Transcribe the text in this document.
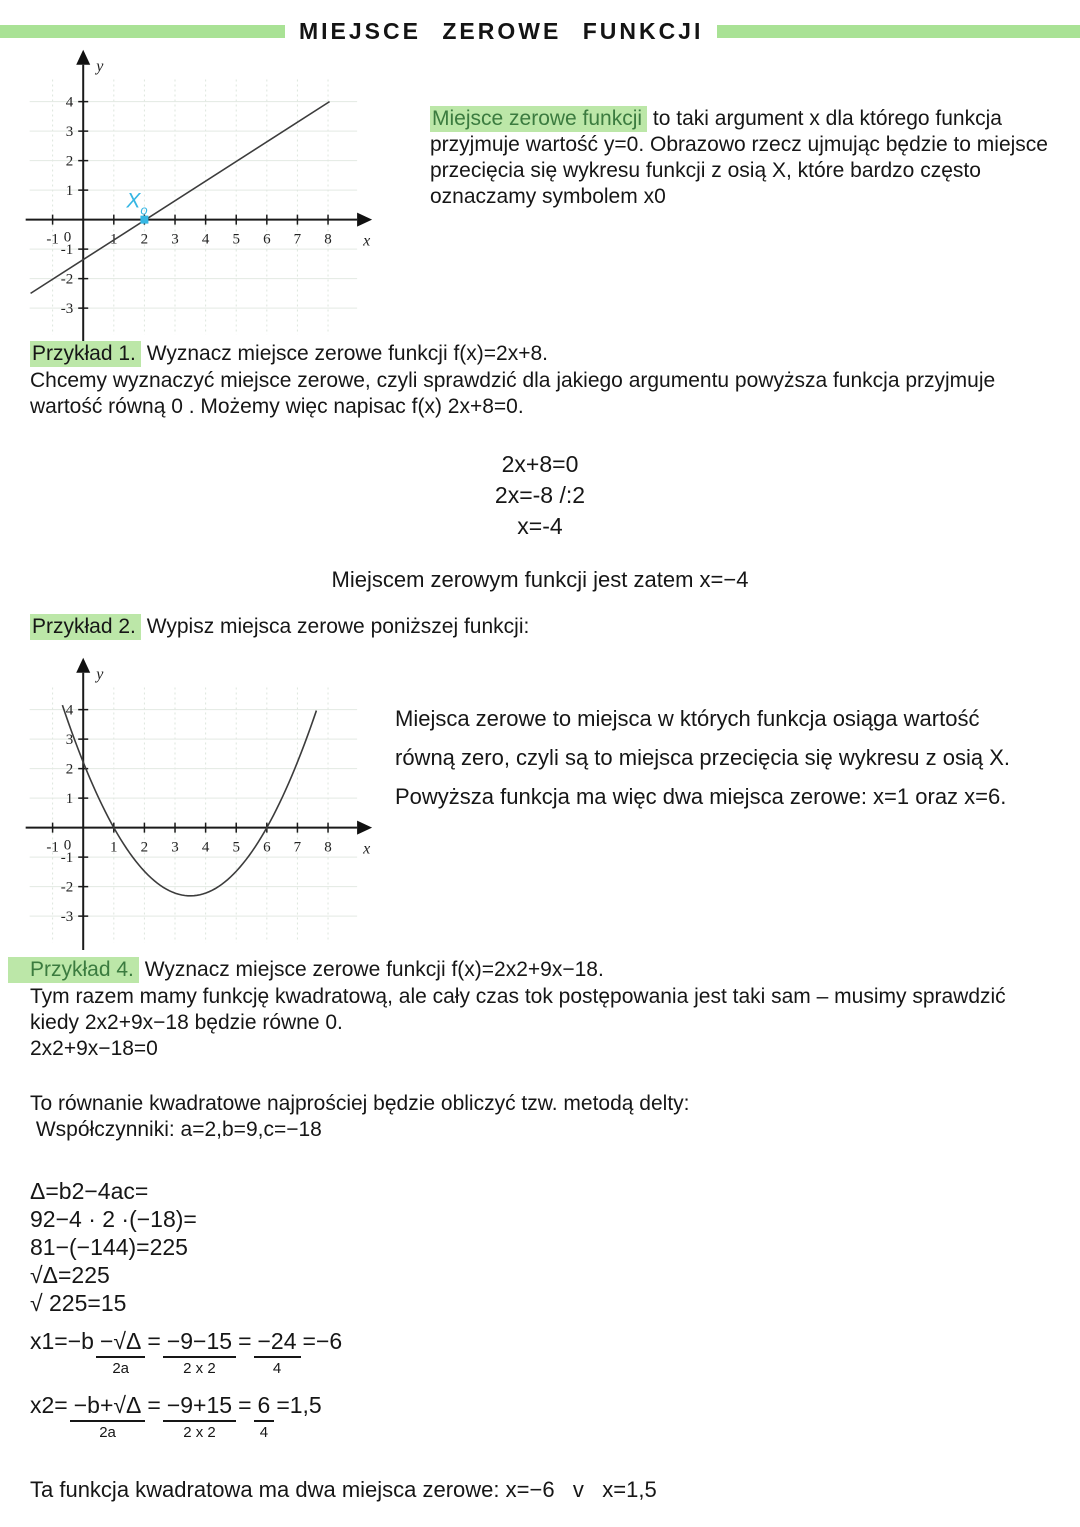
MIEJSCE ZEROWE FUNKCJI
-1	1 2 3 4 5 6 7 8
-3
-2
-1
1
2
3
4
0
y
x
$X_o$
Miejsce zerowe funkcji to taki argument x dla którego funkcja przyjmuje wartość y=0. Obrazowo rzecz ujmując będzie to miejsce przecięcia się wykresu funkcji z osią X, które bardzo często oznaczamy symbolem x0
Przykład 1. Wyznacz miejsce zerowe funkcji f(x)=2x+8.
Chcemy wyznaczyć miejsce zerowe, czyli sprawdzić dla jakiego argumentu powyższa funkcja przyjmuje wartość równą 0 . Możemy więc napisac f(x) 2x+8=0.
2x+8=0
2x=-8 /:2
x=-4
Miejscem zerowym funkcji jest zatem x=−4
Przykład 2. Wypisz miejsca zerowe poniższej funkcji:
-1	1 2 3 4 5 6 7 8
-3
-2
-1
1
2
3
4
0
y
x
Miejsca zerowe to miejsca w których funkcja osiąga wartość równą zero, czyli są to miejsca przecięcia się wykresu z osią X. Powyższa funkcja ma więc dwa miejsca zerowe: x=1 oraz x=6.
Przykład 4. Wyznacz miejsce zerowe funkcji f(x)=2x2+9x−18.
Tym razem mamy funkcję kwadratową, ale cały czas tok postępowania jest taki sam – musimy sprawdzić kiedy 2x2+9x−18 będzie równe 0.
2x2+9x−18=0
To równanie kwadratowe najprościej będzie obliczyć tzw. metodą delty:
Współczynniki: a=2,b=9,c=−18
Δ=b2−4ac=
92−4 · 2 ·(−18)=
81−(−144)=225
√Δ=225
√ 225=15
$x1=-b \frac{-√\Delta}{2a} = \frac{-9-15}{2 x 2} = \frac{-24}{4} =-6$
$x2= \frac{-b+√\Delta}{2a} = \frac{-9+15}{2 x 2} = \frac{6}{4} =1,5$
Ta funkcja kwadratowa ma dwa miejsca zerowe: x=−6   v   x=1,5
